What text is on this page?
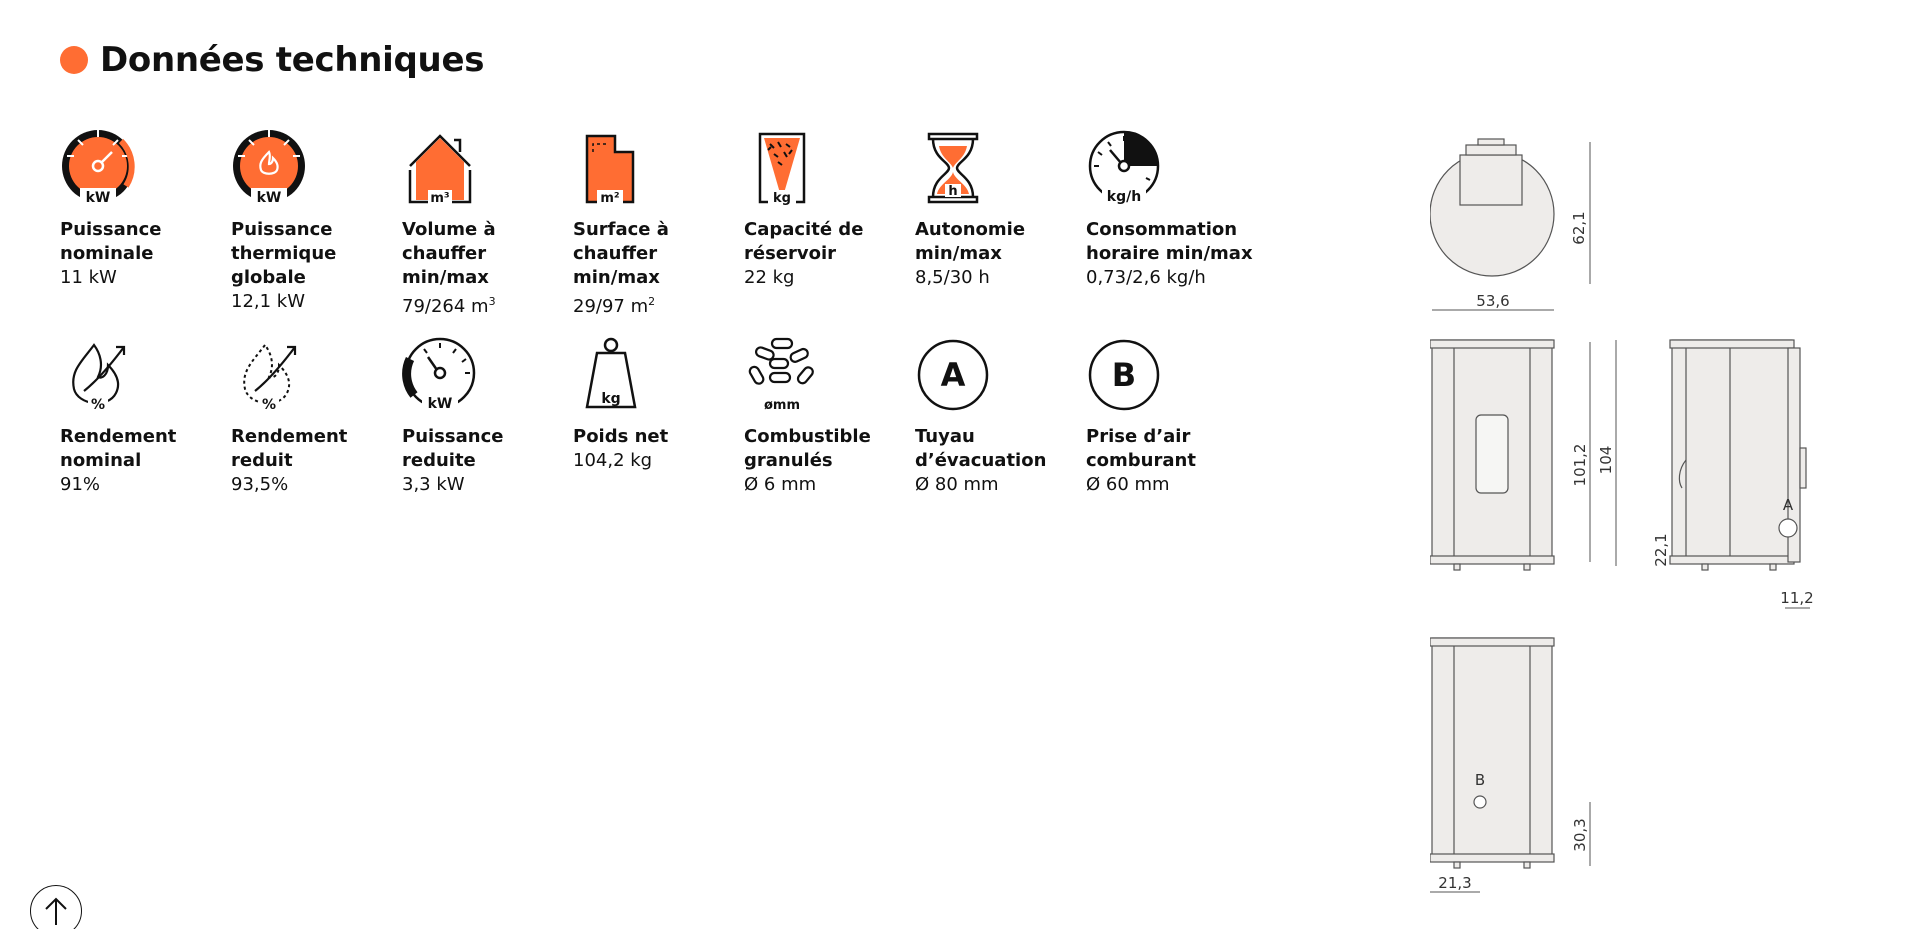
Données techniques
kW
Puissance nominale
11 kW
kW
Puissance thermique globale
12,1 kW
m³
Volume à chauffer min/max
79/264 $m^3$
m²
Surface à chauffer min/max
29/97 $m^2$
kg
Capacité de réservoir
22 kg
h
Autonomie min/max
8,5/30 h
kg/h
Consommation horaire min/max
0,73/2,6 kg/h
%
Rendement nominal
91%
%
Rendement reduit
93,5%
kW
Puissance reduite
3,3 kW
kg
Poids net
104,2 kg
ømm
Combustible granulés
Ø 6 mm
A
Tuyau d’évacuation
Ø 80 mm
B
Prise d’air comburant
Ø 60 mm
62,1
53,6
101,2 104
A
22,1
11,2
B
30,3
21,3
